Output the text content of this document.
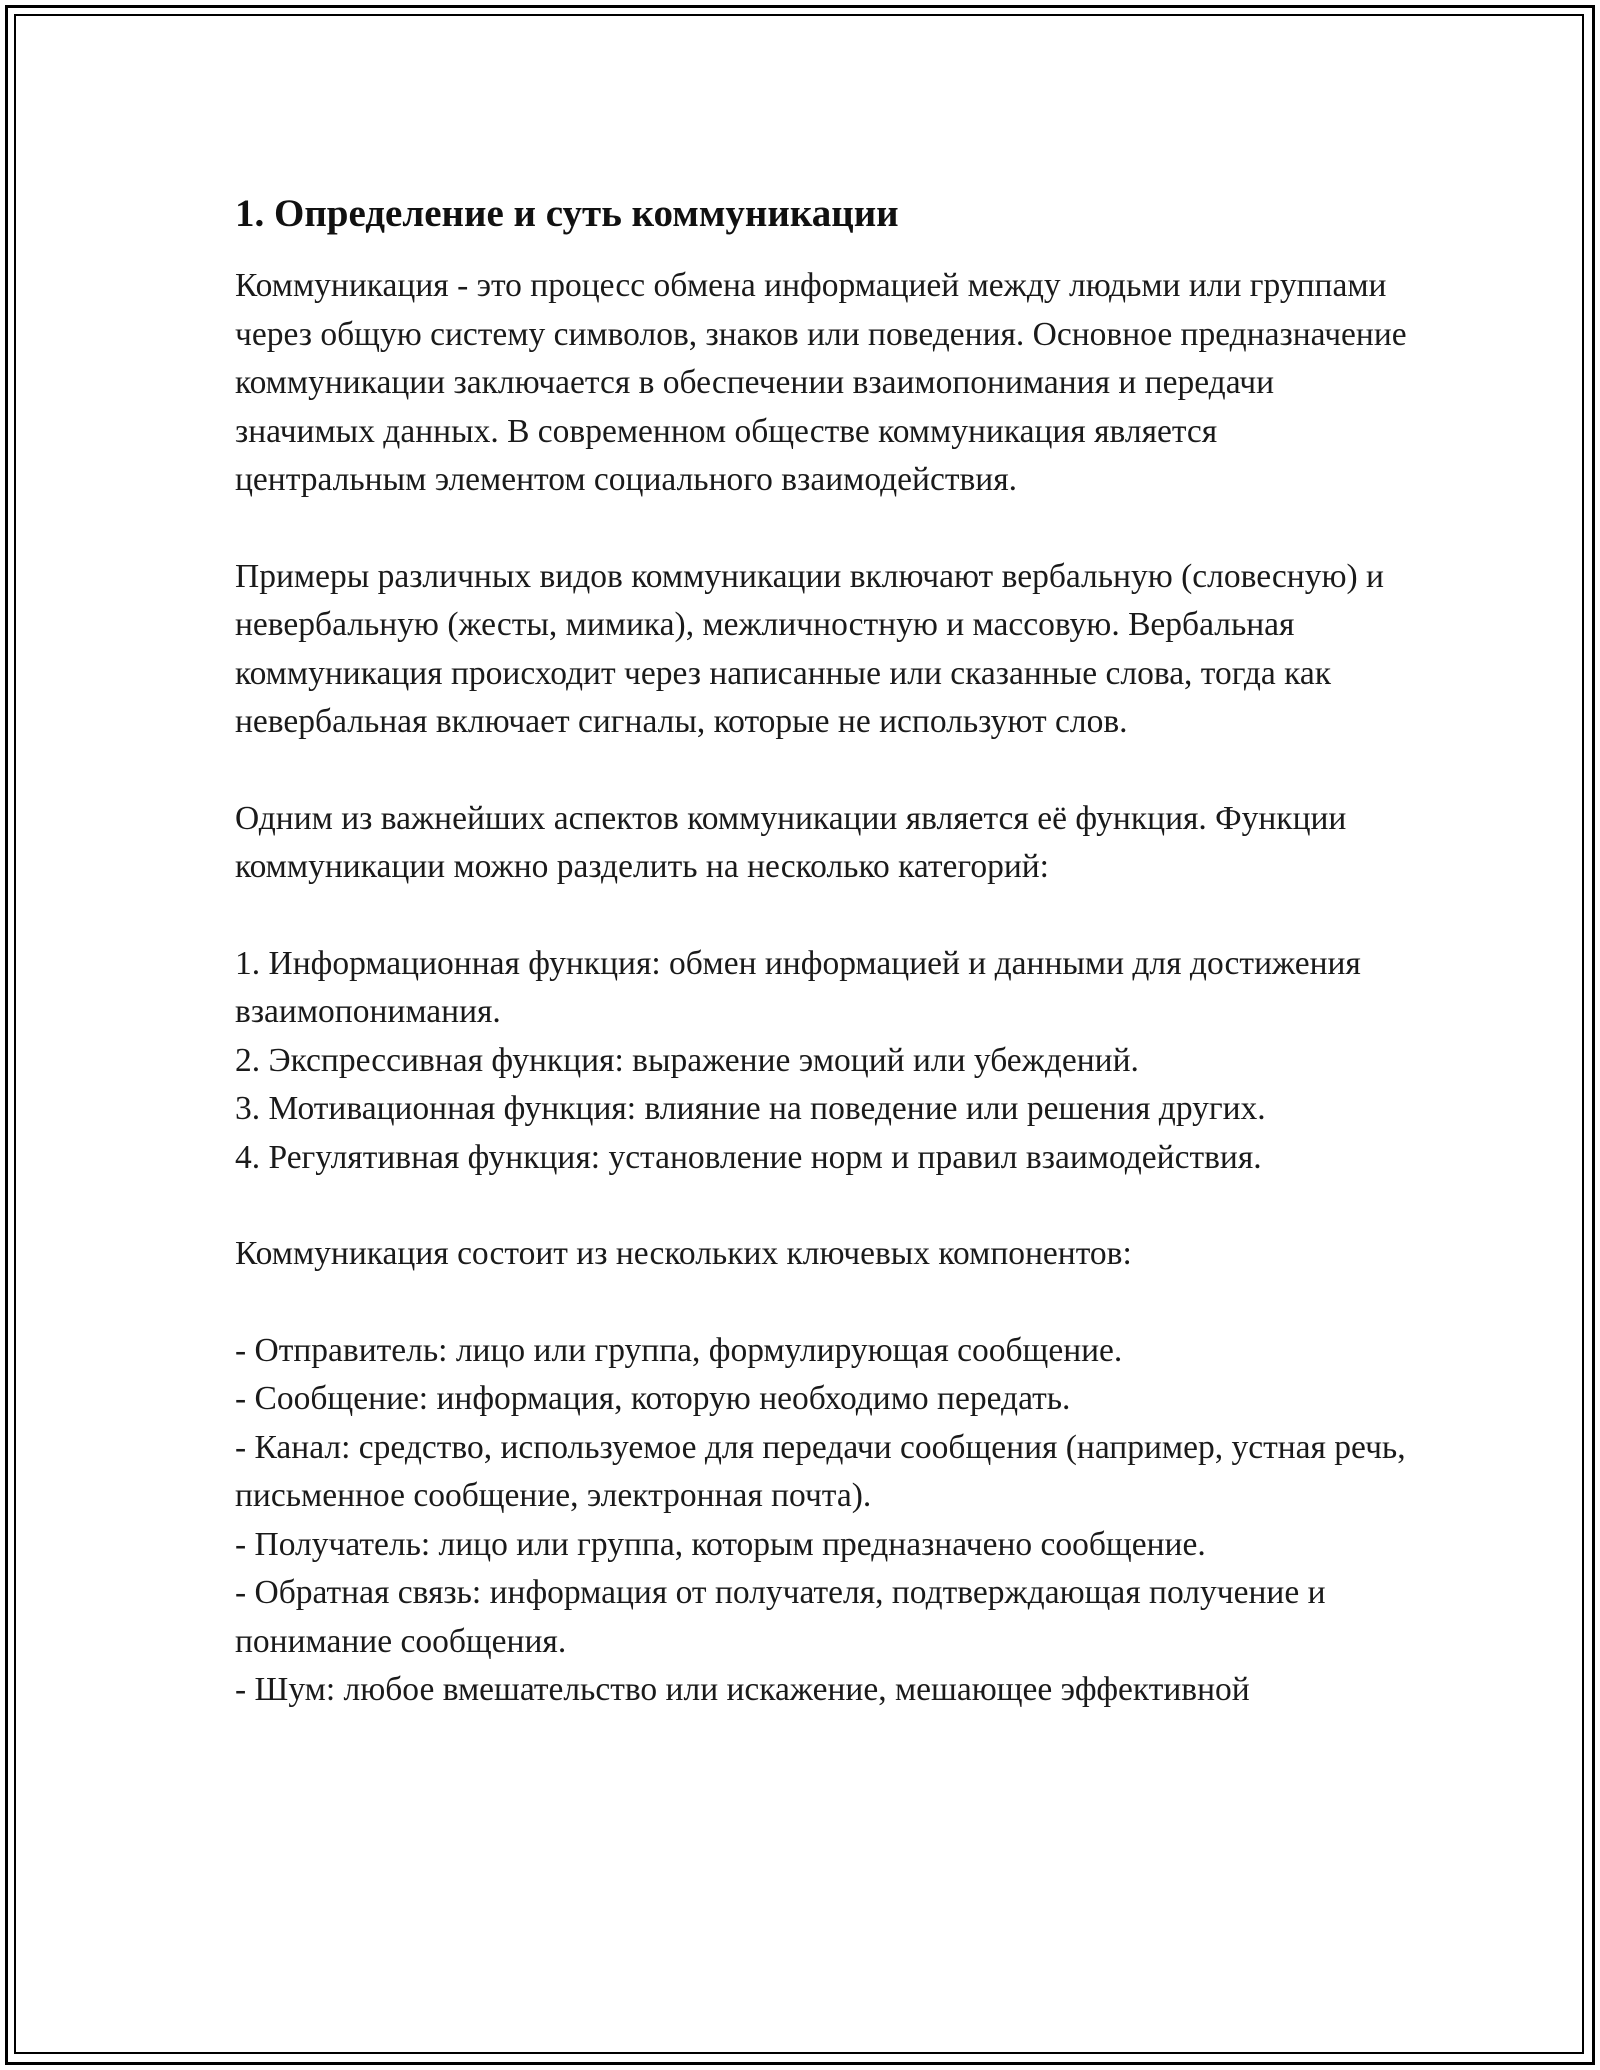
1. Определение и суть коммуникации

Коммуникация - это процесс обмена информацией между людьми или группами через общую систему символов, знаков или поведения. Основное предназначение коммуникации заключается в обеспечении взаимопонимания и передачи значимых данных. В современном обществе коммуникация является центральным элементом социального взаимодействия.

Примеры различных видов коммуникации включают вербальную (словесную) и невербальную (жесты, мимика), межличностную и массовую. Вербальная коммуникация происходит через написанные или сказанные слова, тогда как невербальная включает сигналы, которые не используют слов.

Одним из важнейших аспектов коммуникации является её функция. Функции коммуникации можно разделить на несколько категорий:

1. Информационная функция: обмен информацией и данными для достижения взаимопонимания.
2. Экспрессивная функция: выражение эмоций или убеждений.
3. Мотивационная функция: влияние на поведение или решения других.
4. Регулятивная функция: установление норм и правил взаимодействия.

Коммуникация состоит из нескольких ключевых компонентов:

- Отправитель: лицо или группа, формулирующая сообщение.
- Сообщение: информация, которую необходимо передать.
- Канал: средство, используемое для передачи сообщения (например, устная речь, письменное сообщение, электронная почта).
- Получатель: лицо или группа, которым предназначено сообщение.
- Обратная связь: информация от получателя, подтверждающая получение и понимание сообщения.
- Шум: любое вмешательство или искажение, мешающее эффективной
